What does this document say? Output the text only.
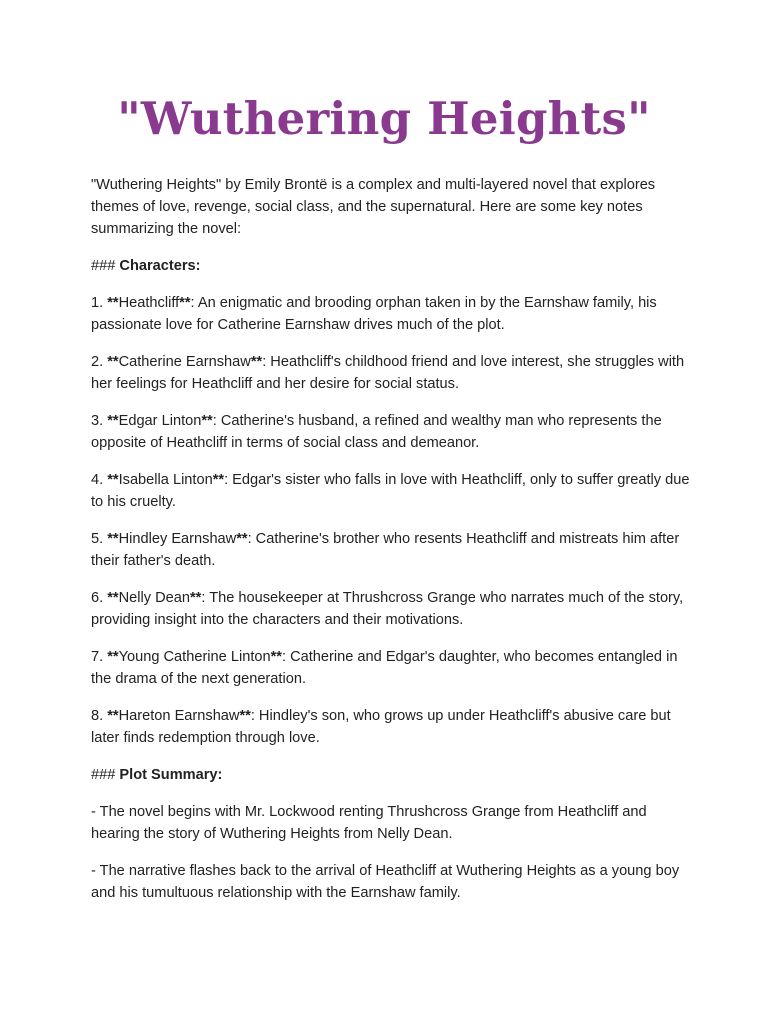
"Wuthering Heights"

"Wuthering Heights" by Emily Brontë is a complex and multi-layered novel that explores themes of love, revenge, social class, and the supernatural. Here are some key notes summarizing the novel:

### Characters:

1. **Heathcliff**: An enigmatic and brooding orphan taken in by the Earnshaw family, his passionate love for Catherine Earnshaw drives much of the plot.

2. **Catherine Earnshaw**: Heathcliff's childhood friend and love interest, she struggles with her feelings for Heathcliff and her desire for social status.

3. **Edgar Linton**: Catherine's husband, a refined and wealthy man who represents the opposite of Heathcliff in terms of social class and demeanor.

4. **Isabella Linton**: Edgar's sister who falls in love with Heathcliff, only to suffer greatly due to his cruelty.

5. **Hindley Earnshaw**: Catherine's brother who resents Heathcliff and mistreats him after their father's death.

6. **Nelly Dean**: The housekeeper at Thrushcross Grange who narrates much of the story, providing insight into the characters and their motivations.

7. **Young Catherine Linton**: Catherine and Edgar's daughter, who becomes entangled in the drama of the next generation.

8. **Hareton Earnshaw**: Hindley's son, who grows up under Heathcliff's abusive care but later finds redemption through love.

### Plot Summary:

- The novel begins with Mr. Lockwood renting Thrushcross Grange from Heathcliff and hearing the story of Wuthering Heights from Nelly Dean.

- The narrative flashes back to the arrival of Heathcliff at Wuthering Heights as a young boy and his tumultuous relationship with the Earnshaw family.
